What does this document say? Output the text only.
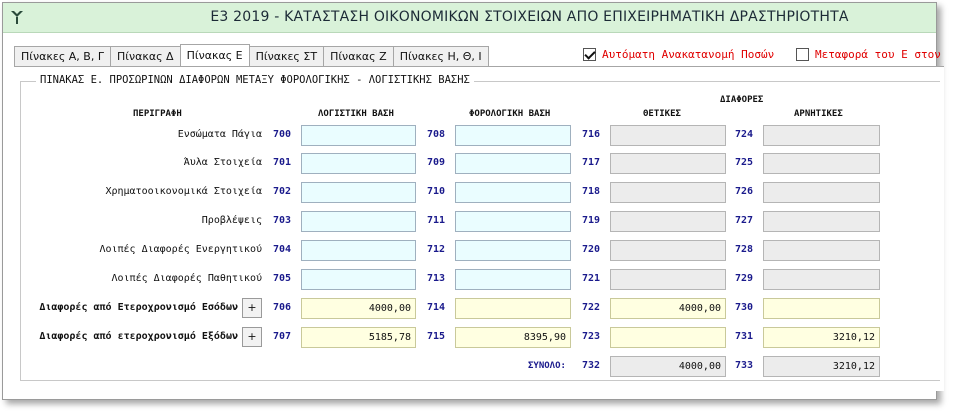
Ε3 2019 - ΚΑΤΑΣΤΑΣΗ ΟΙΚΟΝΟΜΙΚΩΝ ΣΤΟΙΧΕΙΩΝ ΑΠΟ ΕΠΙΧΕΙΡΗΜΑΤΙΚΗ ΔΡΑΣΤΗΡΙΟΤΗΤΑ
Πίνακες Α, Β, Γ	Πίνακας Δ	Πίνακας Ε	Πίνακες ΣΤ	Πίνακας Ζ	Πίνακες Η, Θ, Ι	Αυτόματη Ανακατανομή Ποσών	Μεταφορά του Ε στον
ΠΙΝΑΚΑΣ Ε. ΠΡΟΣΩΡΙΝΩΝ ΔΙΑΦΟΡΩΝ ΜΕΤΑΞΥ ΦΟΡΟΛΟΓΙΚΗΣ - ΛΟΓΙΣΤΙΚΗΣ ΒΑΣΗΣ
ΠΕΡΙΓΡΑΦΗ	ΛΟΓΙΣΤΙΚΗ ΒΑΣΗ	ΦΟΡΟΛΟΓΙΚΗ ΒΑΣΗ
ΔΙΑΦΟΡΕΣ
ΘΕΤΙΚΕΣ	ΑΡΝΗΤΙΚΕΣ
Ενσώματα Πάγια 700	708	716	724
Άυλα Στοιχεία 701	709	717	725
Χρηματοοικονομικά Στοιχεία 702	710	718	726
Προβλέψεις 703	711	719	727
Λοιπές Διαφορές Ενεργητικού 704	712	720	728
Λοιπές Διαφορές Παθητικού 705	713	721	729
Διαφορές από Ετεροχρονισμό Εσόδων +	706	4000,00	714	722	4000,00	730
Διαφορές από ετεροχρονισμό Εξόδων +	707	5185,78	715	8395,90	723	731	3210,12
ΣΥΝΟΛΟ: 732	4000,00	733	3210,12
